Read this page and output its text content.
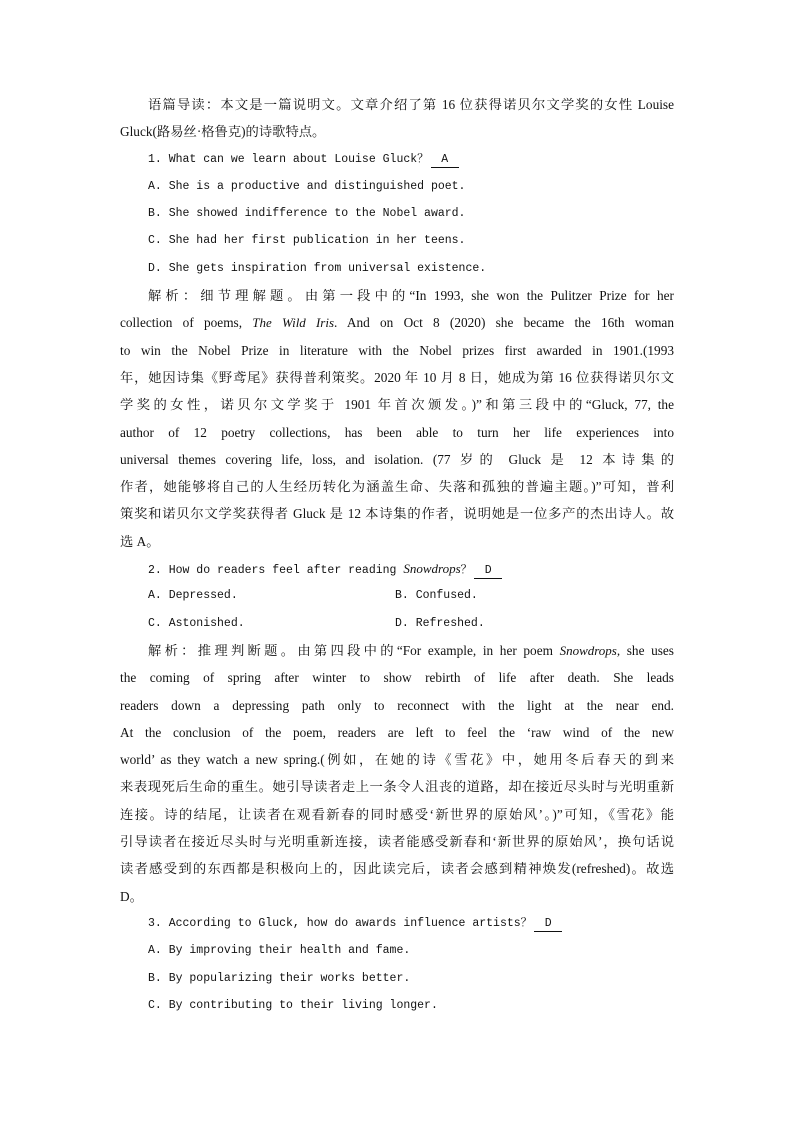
语篇导读：本文是一篇说明文。文章介绍了第 16 位获得诺贝尔文学奖的女性 Louise
Gluck(路易丝·格鲁克)的诗歌特点。
1. What can we learn about Louise Gluck？ A
A. She is a productive and distinguished poet.
B. She showed indifference to the Nobel award.
C. She had her first publication in her teens.
D. She gets inspiration from universal existence.
解析：细节理解题。由第一段中的“In 1993, she won the Pulitzer Prize for her
collection of poems, The Wild Iris. And on Oct 8 (2020) she became the 16th woman
to win the Nobel Prize in literature with the Nobel prizes first awarded in 1901.(1993
年，她因诗集《野鸢尾》获得普利策奖。2020 年 10 月 8 日，她成为第 16 位获得诺贝尔文
学奖的女性，诺贝尔文学奖于 1901 年首次颁发。)”和第三段中的“Gluck, 77, the
author of 12 poetry collections, has been able to turn her life experiences into
universal themes covering life, loss, and isolation. (77 岁的 Gluck 是 12 本诗集的
作者，她能够将自己的人生经历转化为涵盖生命、失落和孤独的普遍主题。)”可知，普利
策奖和诺贝尔文学奖获得者 Gluck 是 12 本诗集的作者，说明她是一位多产的杰出诗人。故
选 A。
2. How do readers feel after reading Snowdrops？ D
A. Depressed.	B. Confused.
C. Astonished.	D. Refreshed.
解析：推理判断题。由第四段中的“For example, in her poem Snowdrops, she uses
the coming of spring after winter to show rebirth of life after death. She leads
readers down a depressing path only to reconnect with the light at the near end.
At the conclusion of the poem, readers are left to feel the ‘raw wind of the new
world’ as they watch a new spring.(例如，在她的诗《雪花》中，她用冬后春天的到来
来表现死后生命的重生。她引导读者走上一条令人沮丧的道路，却在接近尽头时与光明重新
连接。诗的结尾，让读者在观看新春的同时感受‘新世界的原始风’。)”可知，《雪花》能
引导读者在接近尽头时与光明重新连接，读者能感受新春和‘新世界的原始风’，换句话说
读者感受到的东西都是积极向上的，因此读完后，读者会感到精神焕发(refreshed)。故选
D。
3. According to Gluck, how do awards influence artists？ D
A. By improving their health and fame.
B. By popularizing their works better.
C. By contributing to their living longer.
